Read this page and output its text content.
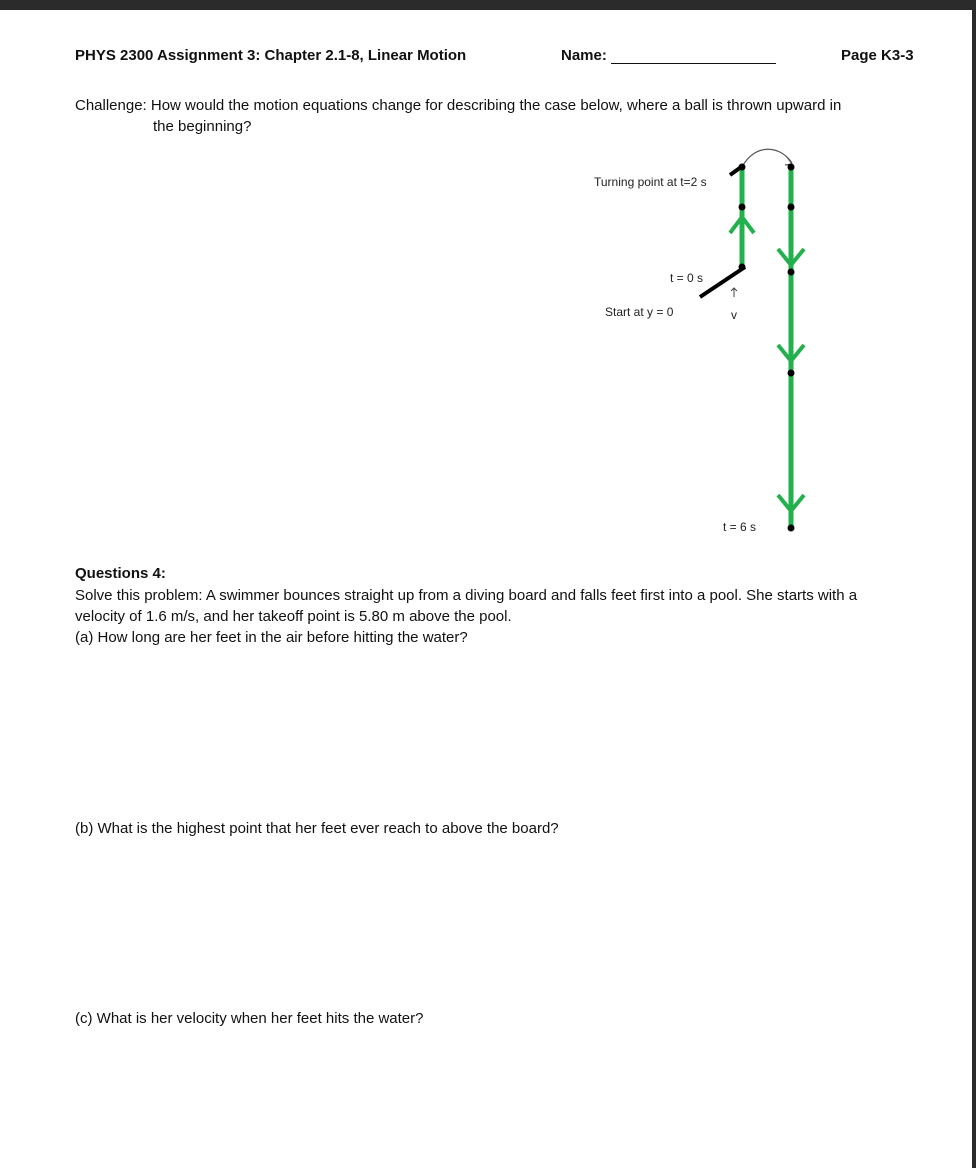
PHYS 2300 Assignment 3: Chapter 2.1-8, Linear Motion	Name:	Page K3-3
Challenge: How would the motion equations change for describing the case below, where a ball is thrown upward in
the beginning?
v
Turning point at t=2 s
t = 0 s
Start at y = 0
t = 6 s
Questions 4:
Solve this problem: A swimmer bounces straight up from a diving board and falls feet first into a pool. She starts with a
velocity of 1.6 m/s, and her takeoff point is 5.80 m above the pool.
(a) How long are her feet in the air before hitting the water?
(b) What is the highest point that her feet ever reach to above the board?
(c) What is her velocity when her feet hits the water?
